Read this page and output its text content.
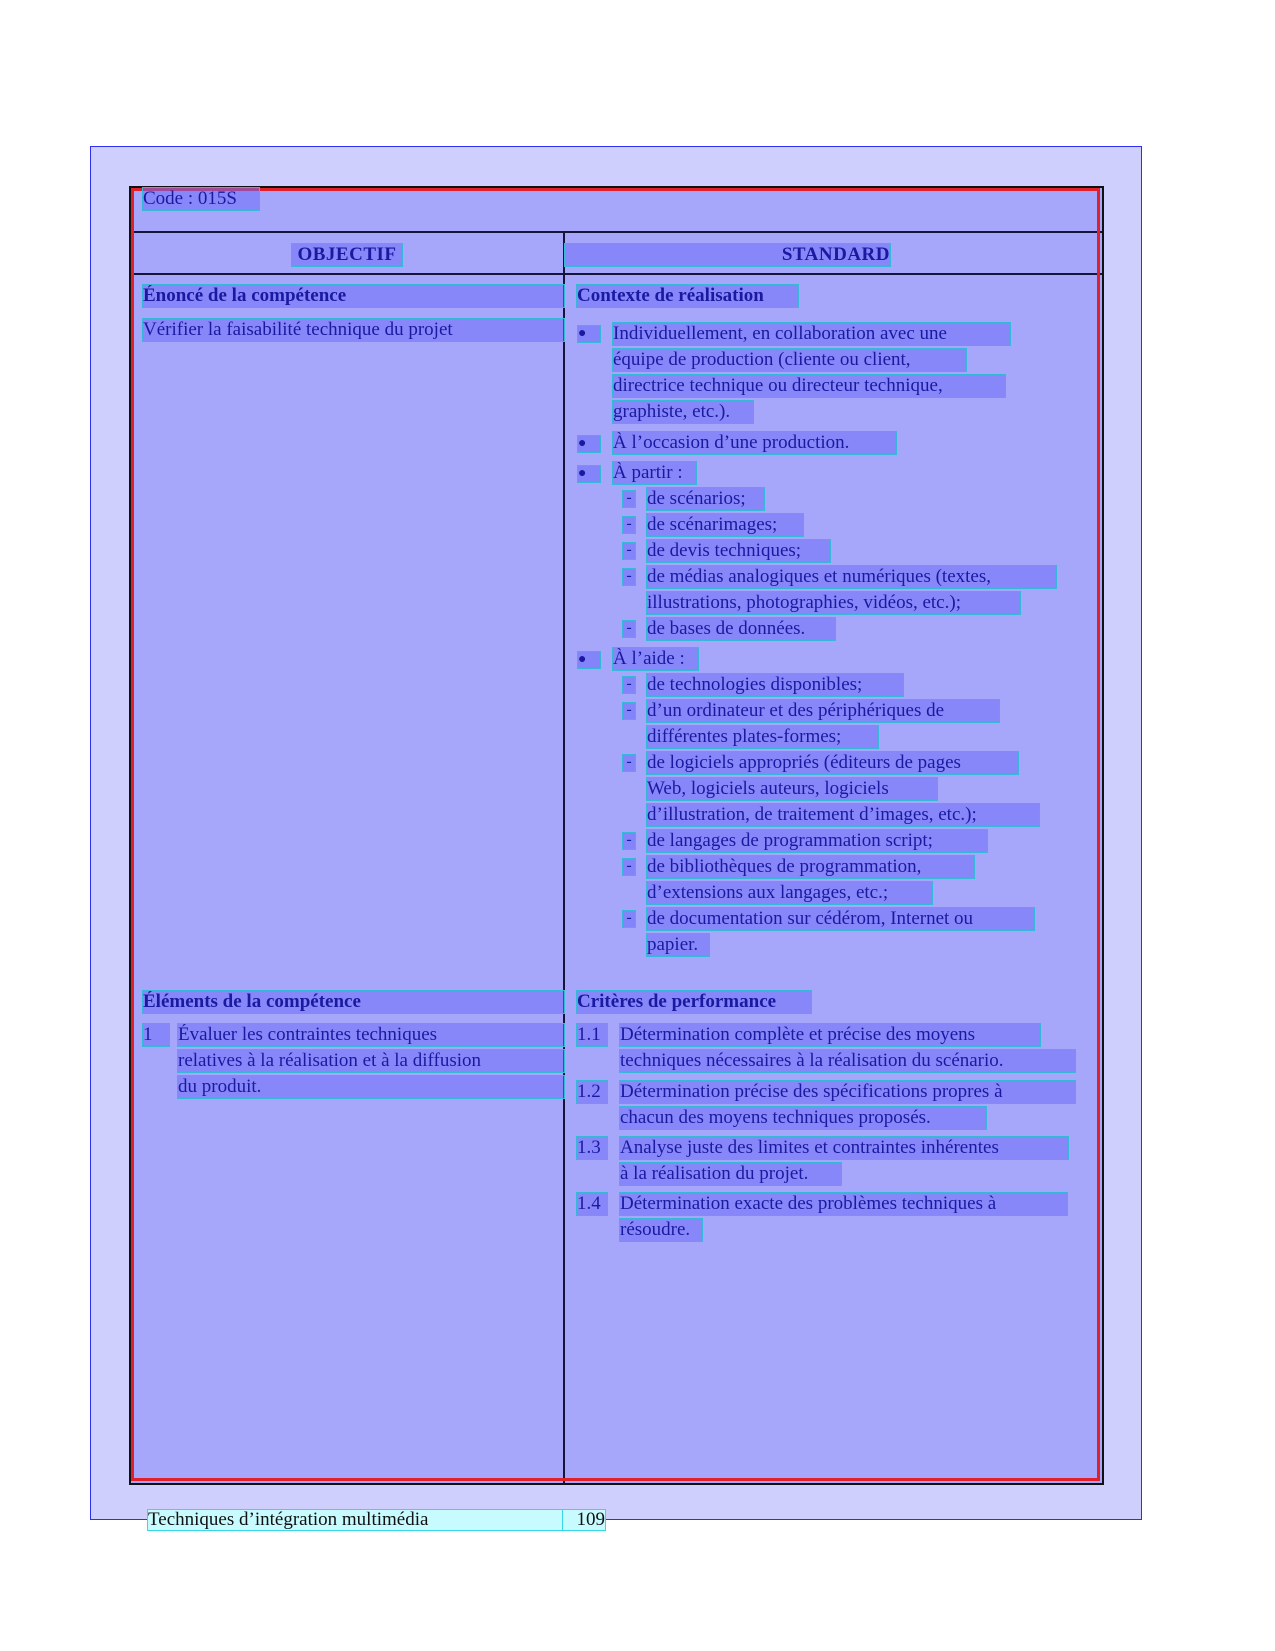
Code : 015S
OBJECTIF	STANDARD
Énoncé de la compétence
Vérifier la faisabilité technique du projet
Contexte de réalisation
●	Individuellement, en collaboration avec une
équipe de production (cliente ou client,
directrice technique ou directeur technique,
graphiste, etc.).
●	À l’occasion d’une production.
●	À partir :
- de scénarios;
- de scénarimages;
- de devis techniques;
- de médias analogiques et numériques (textes,
illustrations, photographies, vidéos, etc.);
- de bases de données.
●	À l’aide :
- de technologies disponibles;
- d’un ordinateur et des périphériques de
différentes plates-formes;
- de logiciels appropriés (éditeurs de pages
Web, logiciels auteurs, logiciels
d’illustration, de traitement d’images, etc.);
- de langages de programmation script;
- de bibliothèques de programmation,
d’extensions aux langages, etc.;
- de documentation sur cédérom, Internet ou
papier.
Éléments de la compétence
1	Évaluer les contraintes techniques
relatives à la réalisation et à la diffusion
du produit.
Critères de performance
1.1	Détermination complète et précise des moyens
techniques nécessaires à la réalisation du scénario.
1.2	Détermination précise des spécifications propres à
chacun des moyens techniques proposés.
1.3	Analyse juste des limites et contraintes inhérentes
à la réalisation du projet.
1.4	Détermination exacte des problèmes techniques à
résoudre.
Techniques d’intégration multimédia	109
